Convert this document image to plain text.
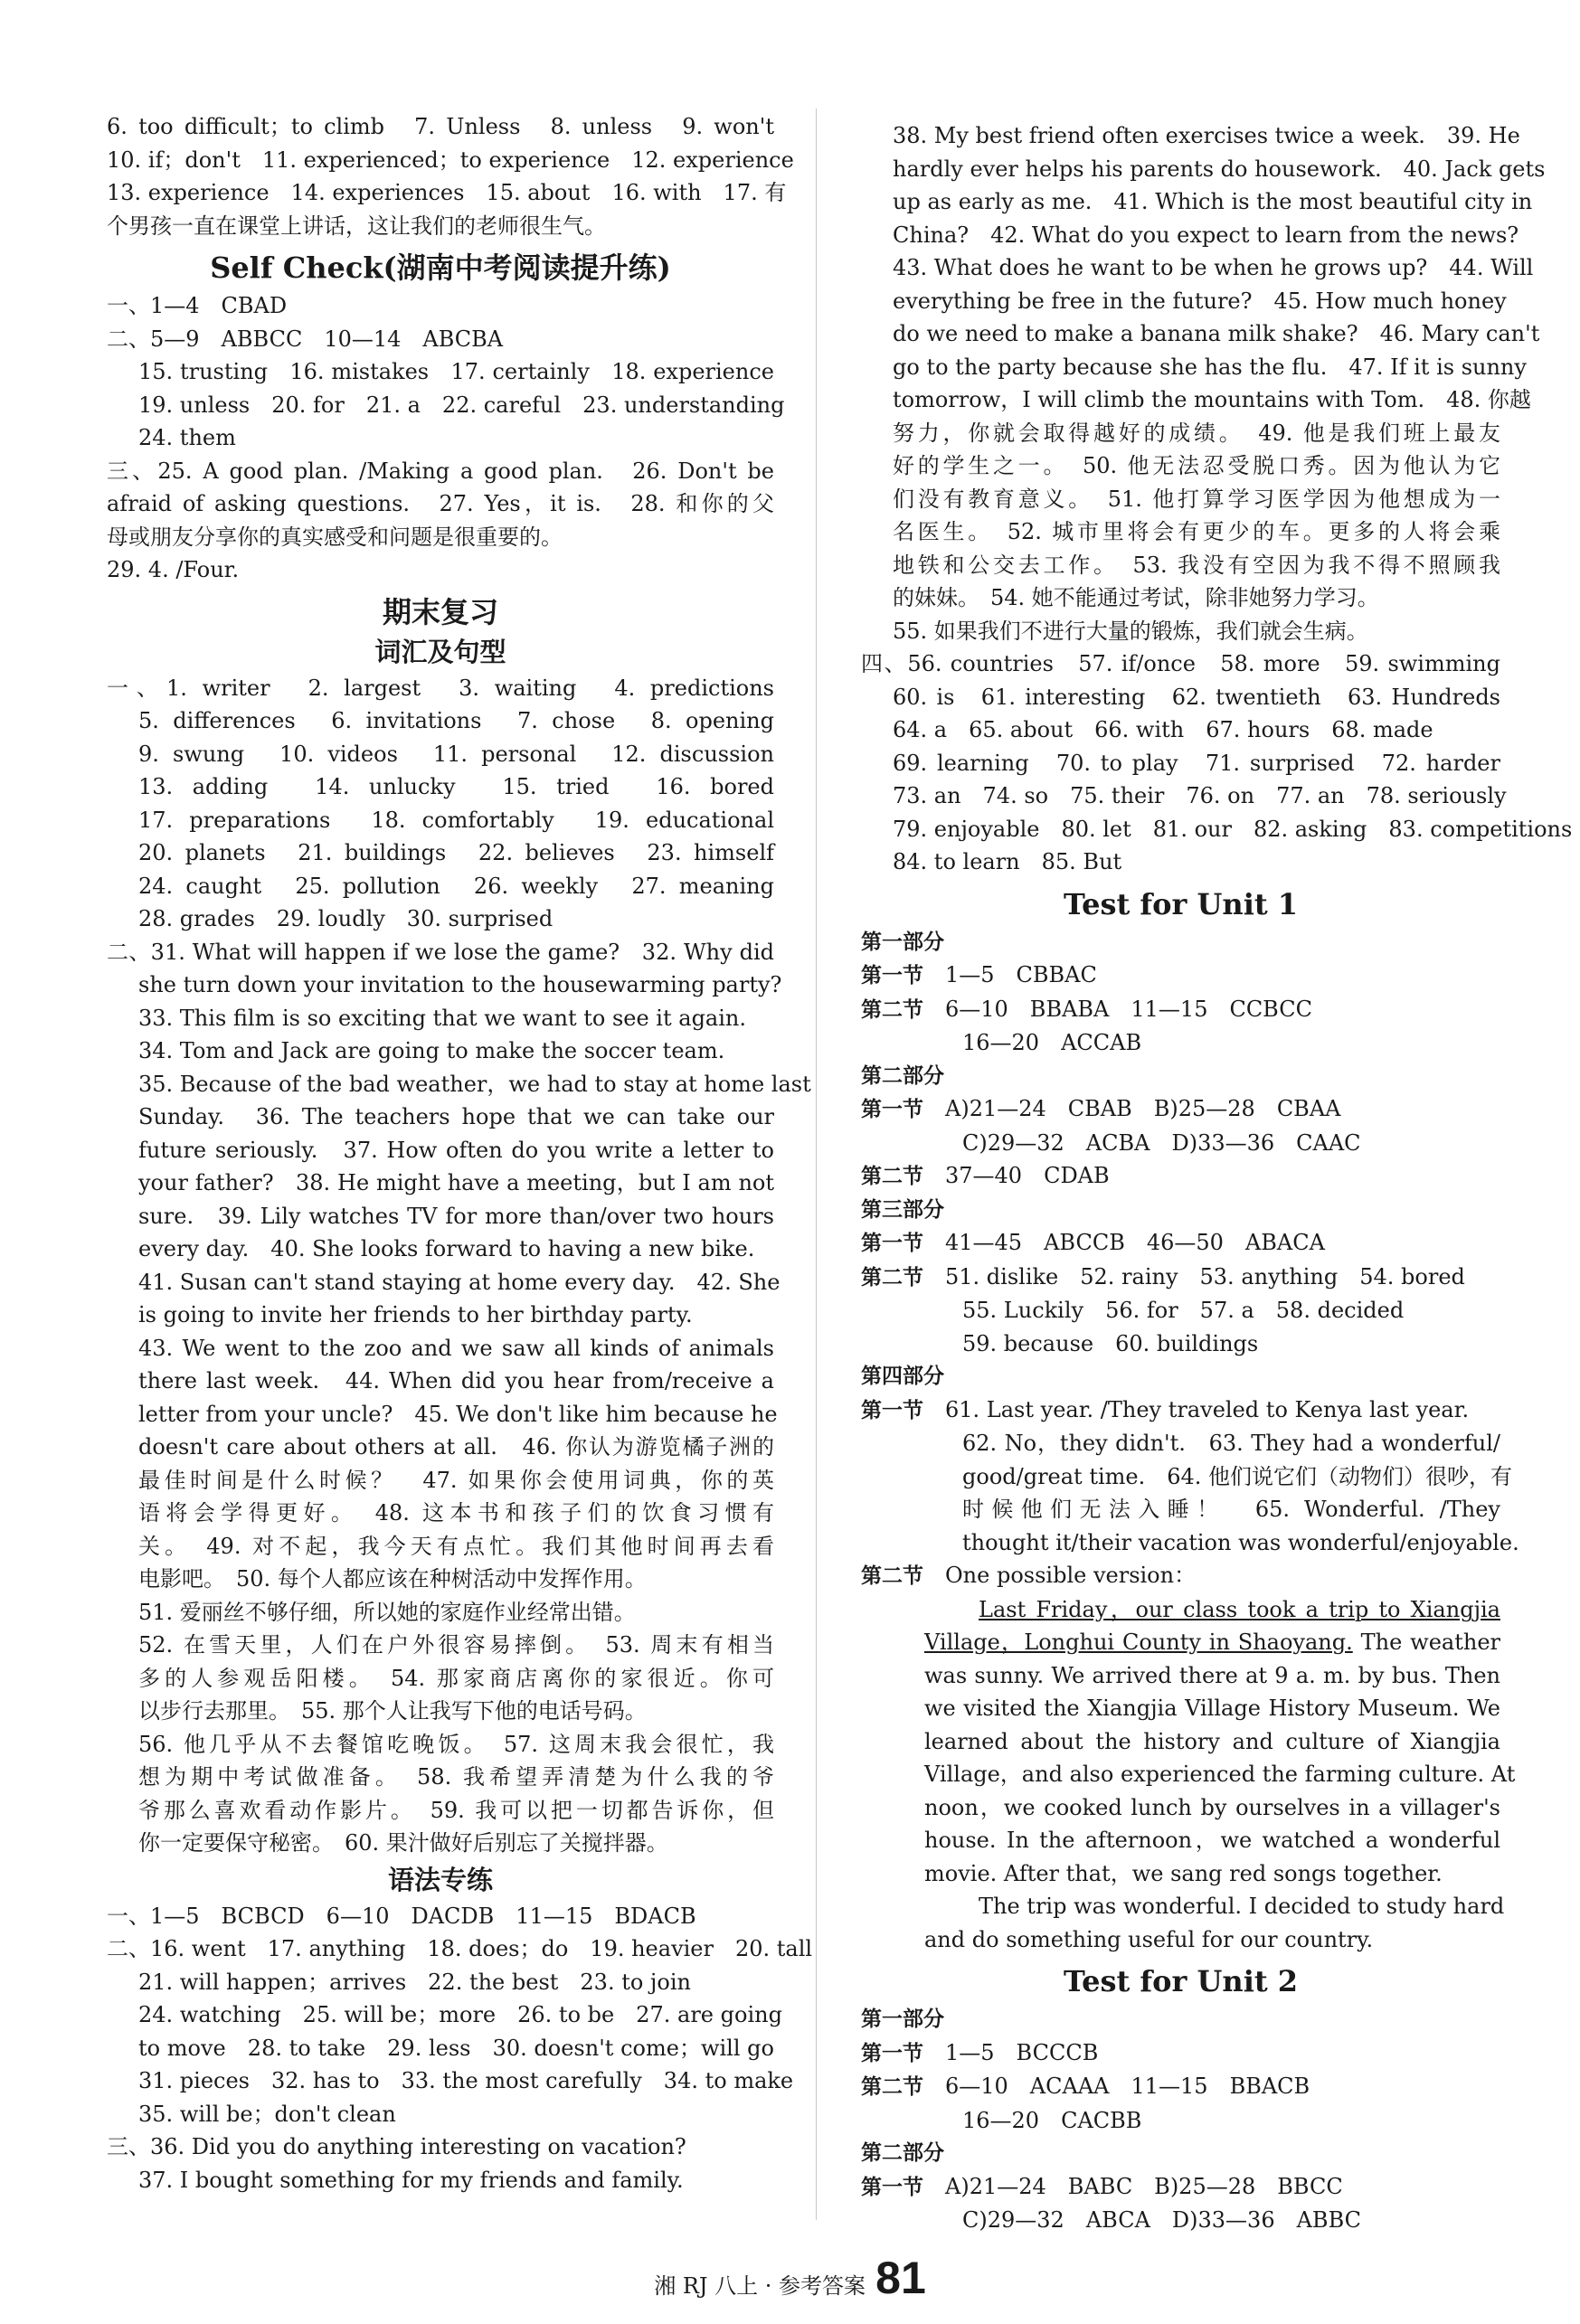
6. too difficult；to climb　7. Unless　8. unless　9. won't
10. if；don't　11. experienced；to experience　12. experience
13. experience　14. experiences　15. about　16. with　17. 有
个男孩一直在课堂上讲话，这让我们的老师很生气。
Self Check(湖南中考阅读提升练)
一、1—4　CBAD
二、5—9　ABBCC　10—14　ABCBA
15. trusting　16. mistakes　17. certainly　18. experience
19. unless　20. for　21. a　22. careful　23. understanding
24. them
三、25. A good plan. /Making a good plan.　26. Don't be
afraid of asking questions.　27. Yes，it is.　28. 和你的父
母或朋友分享你的真实感受和问题是很重要的。
29. 4. /Four.
期末复习
词汇及句型
一、1. writer　2. largest　3. waiting　4. predictions
5. differences　6. invitations　7. chose　8. opening
9. swung　10. videos　11. personal　12. discussion
13. adding　14. unlucky　15. tried　16. bored
17. preparations　18. comfortably　19. educational
20. planets　21. buildings　22. believes　23. himself
24. caught　25. pollution　26. weekly　27. meaning
28. grades　29. loudly　30. surprised
二、31. What will happen if we lose the game?　32. Why did
she turn down your invitation to the housewarming party?
33. This film is so exciting that we want to see it again.
34. Tom and Jack are going to make the soccer team.
35. Because of the bad weather，we had to stay at home last
Sunday.　36. The teachers hope that we can take our
future seriously.　37. How often do you write a letter to
your father?　38. He might have a meeting，but I am not
sure.　39. Lily watches TV for more than/over two hours
every day.　40. She looks forward to having a new bike.
41. Susan can't stand staying at home every day.　42. She
is going to invite her friends to her birthday party.
43. We went to the zoo and we saw all kinds of animals
there last week.　44. When did you hear from/receive a
letter from your uncle?　45. We don't like him because he
doesn't care about others at all.　46. 你认为游览橘子洲的
最佳时间是什么时候？　47. 如果你会使用词典，你的英
语将会学得更好。　48. 这本书和孩子们的饮食习惯有
关。　49. 对不起，我今天有点忙。我们其他时间再去看
电影吧。　50. 每个人都应该在种树活动中发挥作用。
51. 爱丽丝不够仔细，所以她的家庭作业经常出错。
52. 在雪天里，人们在户外很容易摔倒。　53. 周末有相当
多的人参观岳阳楼。　54. 那家商店离你的家很近。你可
以步行去那里。　55. 那个人让我写下他的电话号码。
56. 他几乎从不去餐馆吃晚饭。　57. 这周末我会很忙，我
想为期中考试做准备。　58. 我希望弄清楚为什么我的爷
爷那么喜欢看动作影片。　59. 我可以把一切都告诉你，但
你一定要保守秘密。　60. 果汁做好后别忘了关搅拌器。
语法专练
一、1—5　BCBCD　6—10　DACDB　11—15　BDACB
二、16. went　17. anything　18. does；do　19. heavier　20. tall
21. will happen；arrives　22. the best　23. to join
24. watching　25. will be；more　26. to be　27. are going
to move　28. to take　29. less　30. doesn't come；will go
31. pieces　32. has to　33. the most carefully　34. to make
35. will be；don't clean
三、36. Did you do anything interesting on vacation?
37. I bought something for my friends and family.
38. My best friend often exercises twice a week.　39. He
hardly ever helps his parents do housework.　40. Jack gets
up as early as me.　41. Which is the most beautiful city in
China?　42. What do you expect to learn from the news?
43. What does he want to be when he grows up?　44. Will
everything be free in the future?　45. How much honey
do we need to make a banana milk shake?　46. Mary can't
go to the party because she has the flu.　47. If it is sunny
tomorrow，I will climb the mountains with Tom.　48. 你越
努力，你就会取得越好的成绩。　49. 他是我们班上最友
好的学生之一。　50. 他无法忍受脱口秀。因为他认为它
们没有教育意义。　51. 他打算学习医学因为他想成为一
名医生。　52. 城市里将会有更少的车。更多的人将会乘
地铁和公交去工作。　53. 我没有空因为我不得不照顾我
的妹妹。　54. 她不能通过考试，除非她努力学习。
55. 如果我们不进行大量的锻炼，我们就会生病。
四、56. countries　57. if/once　58. more　59. swimming
60. is　61. interesting　62. twentieth　63. Hundreds
64. a　65. about　66. with　67. hours　68. made
69. learning　70. to play　71. surprised　72. harder
73. an　74. so　75. their　76. on　77. an　78. seriously
79. enjoyable　80. let　81. our　82. asking　83. competitions
84. to learn　85. But
Test for Unit 1
第一部分
第一节  1—5　CBBAC
第二节  6—10　BBABA　11—15　CCBCC
16—20　ACCAB
第二部分
第一节  A)21—24　CBAB　B)25—28　CBAA
C)29—32　ACBA　D)33—36　CAAC
第二节  37—40　CDAB
第三部分
第一节  41—45　ABCCB　46—50　ABACA
第二节  51. dislike　52. rainy　53. anything　54. bored
55. Luckily　56. for　57. a　58. decided
59. because　60. buildings
第四部分
第一节  61. Last year. /They traveled to Kenya last year.
62. No，they didn't.　63. They had a wonderful/
good/great time.　64. 他们说它们（动物们）很吵，有
时候他们无法入睡！　65. Wonderful. /They
thought it/their vacation was wonderful/enjoyable.
第二节  One possible version：
Last Friday，our class took a trip to Xiangjia
Village，Longhui County in Shaoyang. The weather
was sunny. We arrived there at 9 a. m. by bus. Then
we visited the Xiangjia Village History Museum. We
learned about the history and culture of Xiangjia
Village，and also experienced the farming culture. At
noon，we cooked lunch by ourselves in a villager's
house. In the afternoon，we watched a wonderful
movie. After that，we sang red songs together.
The trip was wonderful. I decided to study hard
and do something useful for our country.
Test for Unit 2
第一部分
第一节  1—5　BCCCB
第二节  6—10　ACAAA　11—15　BBACB
16—20　CACBB
第二部分
第一节  A)21—24　BABC　B)25—28　BBCC
C)29—32　ABCA　D)33—36　ABBC
湘 RJ 八上 · 参考答案 81
